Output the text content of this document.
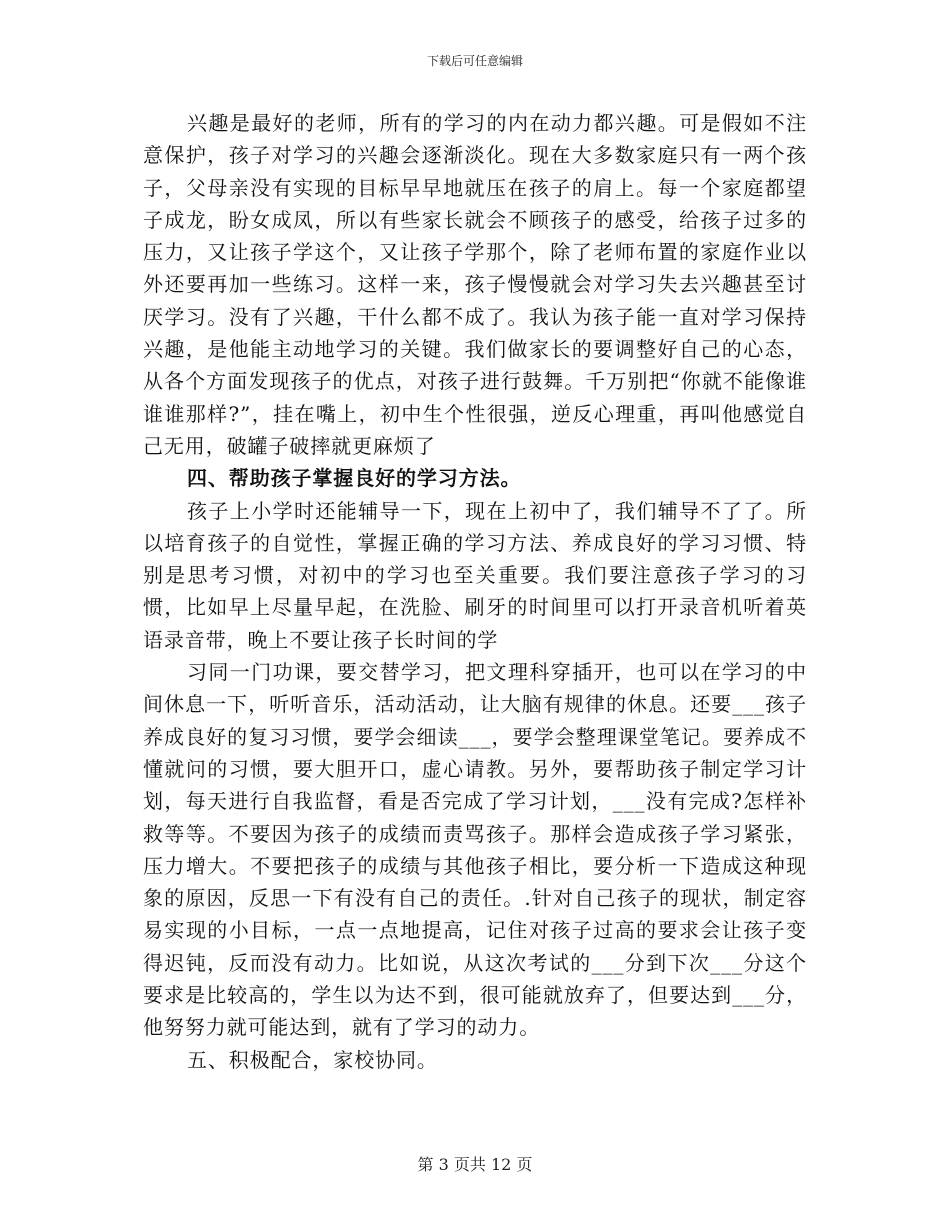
下载后可任意编辑

兴趣是最好的老师，所有的学习的内在动力都兴趣。可是假如不注意保护，孩子对学习的兴趣会逐渐淡化。现在大多数家庭只有一两个孩子，父母亲没有实现的目标早早地就压在孩子的肩上。每一个家庭都望子成龙，盼女成凤，所以有些家长就会不顾孩子的感受，给孩子过多的压力，又让孩子学这个，又让孩子学那个，除了老师布置的家庭作业以外还要再加一些练习。这样一来，孩子慢慢就会对学习失去兴趣甚至讨厌学习。没有了兴趣，干什么都不成了。我认为孩子能一直对学习保持兴趣，是他能主动地学习的关键。我们做家长的要调整好自己的心态，从各个方面发现孩子的优点，对孩子进行鼓舞。千万别把“你就不能像谁谁谁那样?”，挂在嘴上，初中生个性很强，逆反心理重，再叫他感觉自己无用，破罐子破摔就更麻烦了

四、帮助孩子掌握良好的学习方法。

孩子上小学时还能辅导一下，现在上初中了，我们辅导不了了。所以培育孩子的自觉性，掌握正确的学习方法、养成良好的学习习惯、特别是思考习惯，对初中的学习也至关重要。我们要注意孩子学习的习惯，比如早上尽量早起，在洗脸、刷牙的时间里可以打开录音机听着英语录音带，晚上不要让孩子长时间的学

习同一门功课，要交替学习，把文理科穿插开，也可以在学习的中间休息一下，听听音乐，活动活动，让大脑有规律的休息。还要___孩子养成良好的复习习惯，要学会细读___，要学会整理课堂笔记。要养成不懂就问的习惯，要大胆开口，虚心请教。另外，要帮助孩子制定学习计划，每天进行自我监督，看是否完成了学习计划，___没有完成?怎样补救等等。不要因为孩子的成绩而责骂孩子。那样会造成孩子学习紧张，压力增大。不要把孩子的成绩与其他孩子相比，要分析一下造成这种现象的原因，反思一下有没有自己的责任。.针对自己孩子的现状，制定容易实现的小目标，一点一点地提高，记住对孩子过高的要求会让孩子变得迟钝，反而没有动力。比如说，从这次考试的___分到下次___分这个要求是比较高的，学生以为达不到，很可能就放弃了，但要达到___分，他努努力就可能达到，就有了学习的动力。

五、积极配合，家校协同。

第 3 页共 12 页
